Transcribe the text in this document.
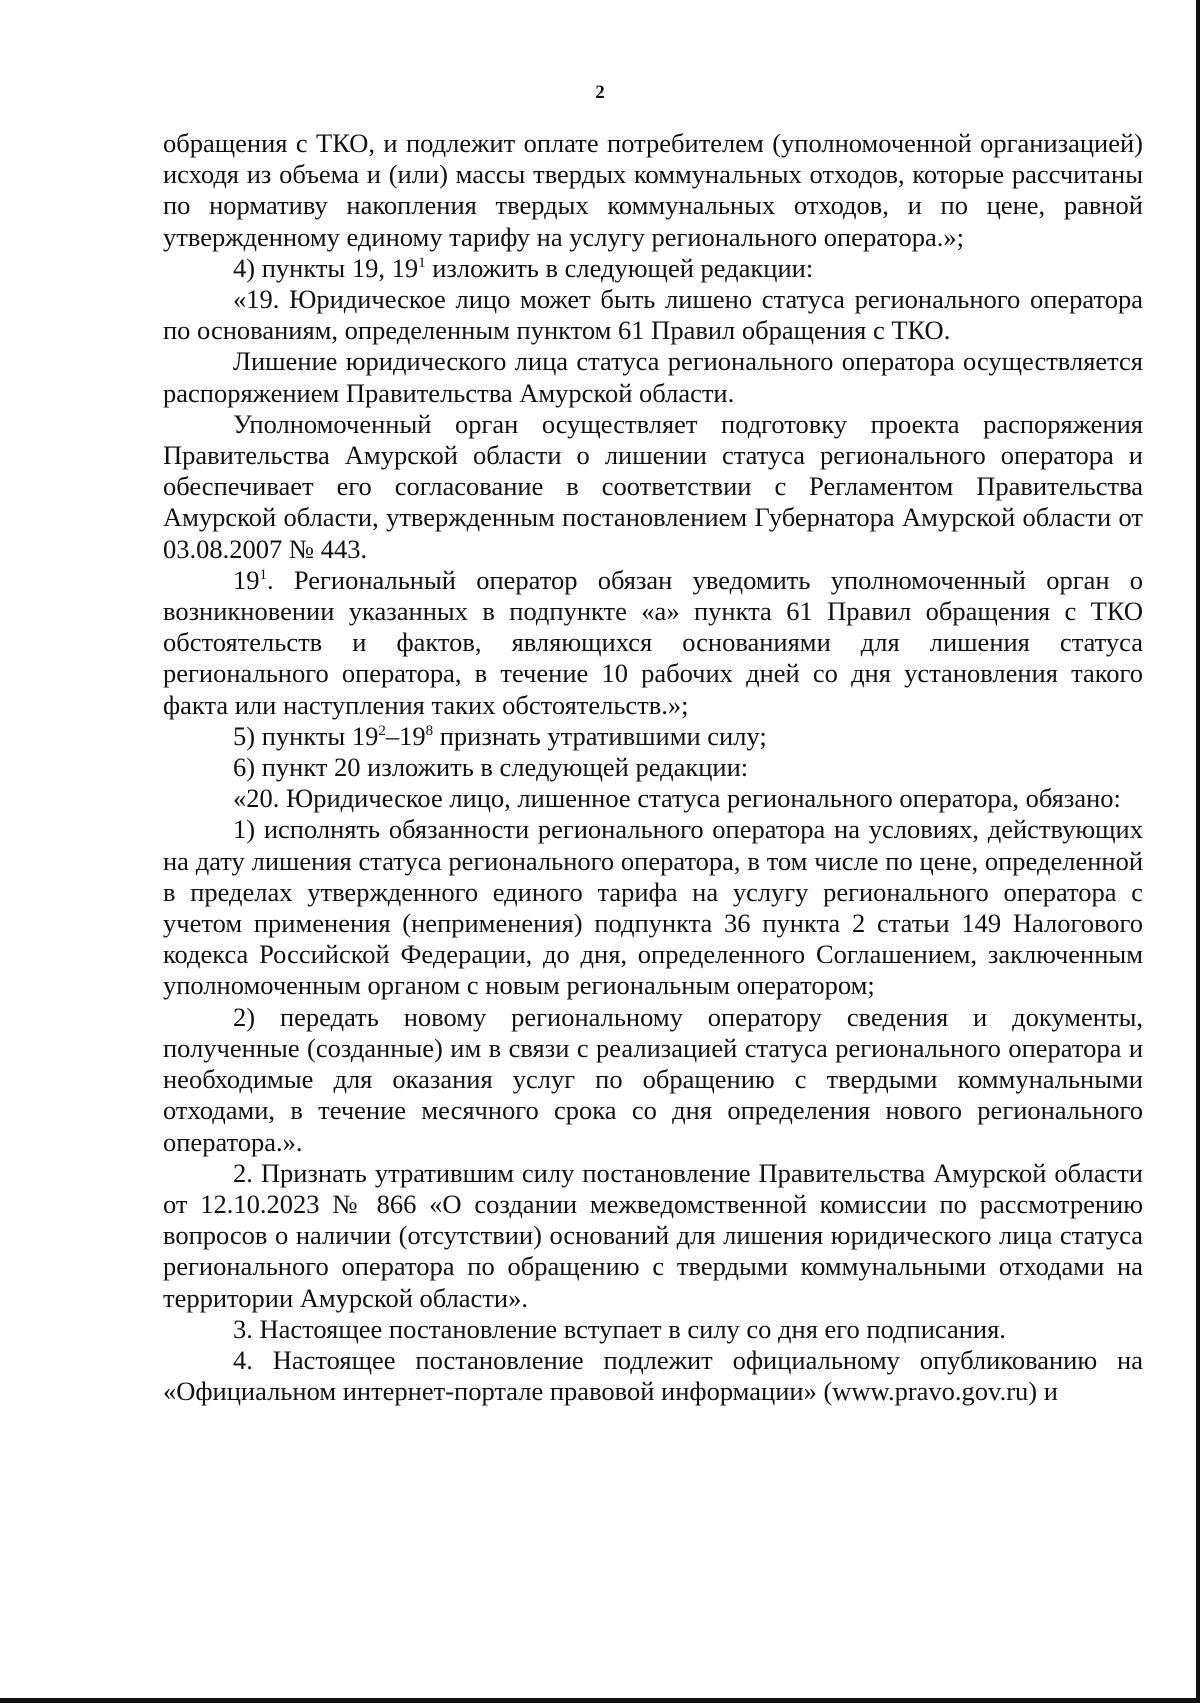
2

обращения с ТКО, и подлежит оплате потребителем (уполномоченной организацией) исходя из объема и (или) массы твердых коммунальных отходов, которые рассчитаны по нормативу накопления твердых коммунальных отходов, и по цене, равной утвержденному единому тарифу на услугу регионального оператора.»;

4) пункты 19, $19^1$ изложить в следующей редакции:

«19. Юридическое лицо может быть лишено статуса регионального оператора по основаниям, определенным пунктом 61 Правил обращения с ТКО.

Лишение юридического лица статуса регионального оператора осуществляется распоряжением Правительства Амурской области.

Уполномоченный орган осуществляет подготовку проекта распоряжения Правительства Амурской области о лишении статуса регионального оператора и обеспечивает его согласование в соответствии с Регламентом Правительства Амурской области, утвержденным постановлением Губернатора Амурской области от 03.08.2007 № 443.

$19^1$. Региональный оператор обязан уведомить уполномоченный орган о возникновении указанных в подпункте «а» пункта 61 Правил обращения с ТКО обстоятельств и фактов, являющихся основаниями для лишения статуса регионального оператора, в течение 10 рабочих дней со дня установления такого факта или наступления таких обстоятельств.»;

5) пункты $19^2-19^8$ признать утратившими силу;

6) пункт 20 изложить в следующей редакции:

«20. Юридическое лицо, лишенное статуса регионального оператора, обязано:

1) исполнять обязанности регионального оператора на условиях, действующих на дату лишения статуса регионального оператора, в том числе по цене, определенной в пределах утвержденного единого тарифа на услугу регионального оператора с учетом применения (неприменения) подпункта 36 пункта 2 статьи 149 Налогового кодекса Российской Федерации, до дня, определенного Соглашением, заключенным уполномоченным органом с новым региональным оператором;

2) передать новому региональному оператору сведения и документы, полученные (созданные) им в связи с реализацией статуса регионального оператора и необходимые для оказания услуг по обращению с твердыми коммунальными отходами, в течение месячного срока со дня определения нового регионального оператора.».

2. Признать утратившим силу постановление Правительства Амурской области от 12.10.2023 № 866 «О создании межведомственной комиссии по рассмотрению вопросов о наличии (отсутствии) оснований для лишения юридического лица статуса регионального оператора по обращению с твердыми коммунальными отходами на территории Амурской области».

3. Настоящее постановление вступает в силу со дня его подписания.

4. Настоящее постановление подлежит официальному опубликованию на «Официальном интернет-портале правовой информации» (www.pravo.gov.ru) и
